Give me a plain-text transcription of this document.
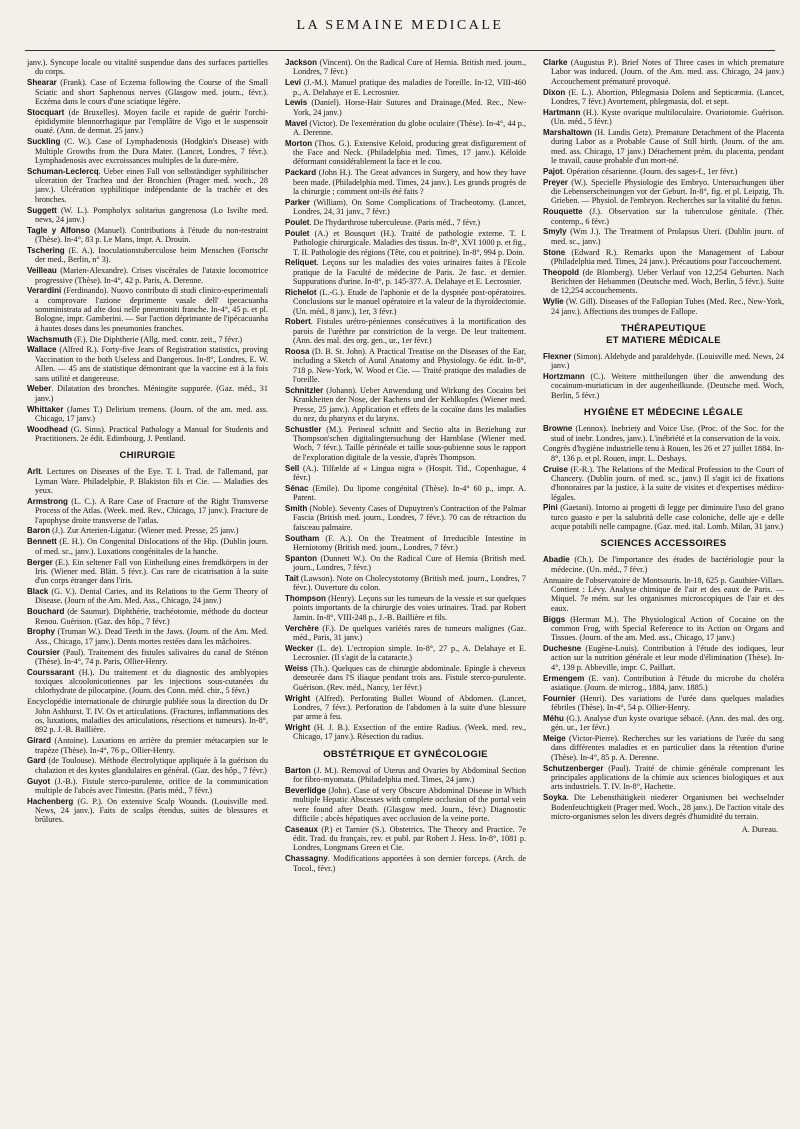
LA SEMAINE MEDICALE
janv.). Syncope locale ou vitalité suspendue dans des surfaces partielles du corps.
Shearar (Frank). Case of Eczema following the Course of the Small Sciatic and short Saphenous nerves (Glasgow med. journ., févr.). Eczéma dans le cours d'une sciatique légère.
Stocquart (de Bruxelles). Moyen facile et rapide de guérir l'orchi-épididymite blennorrhagique par l'emplâtre de Vigo et le suspensoir ouaté. (Ann. de dermat. 25 janv.)
Suckling (C. W.). Case of Lymphadenosis (Hodgkin's Disease) with Multiple Growths from the Dura Mater. (Lancet, Londres, 7 févr.). Lymphadenosis avec excroissances multiples de la dure-mère.
Schuman-Leclercq. Ueber einen Fall von selbständiger syphilitischer ulceration der Trachea und der Bronchien (Prager med. woch., 28 janv.). Ulcération syphilitique indépendante de la trachée et des bronches.
Suggett (W. L.). Pompholyx solitarius gangrenosa (Lo Isvilte med. news, 24 janv.)
Tagle y Alfonso (Manuel). Contributions à l'étude du non-restraint (Thèse). In-4°, 83 p. Le Mans, impr. A. Drouin.
Tschering (E. A.). Inoculationstuberculose beim Menschen (Fortschr der med., Berlin, n° 3).
Veilleau (Marien-Alexandre). Crises viscérales de l'ataxie locomotrice progressive (Thèse). In-4°, 42 p. Paris, A. Derenne.
Verardini (Ferdinando). Nuovo contributo di studi clinico-esperimentali a comprovare l'azione deprimente vasale dell' ipecacuanha somministrata ad alte dosi nelle pneumoniti franche. In-4°, 45 p. et pl. Bologne, impr. Gamberini. — Sur l'action déprimante de l'ipécacuanha à hautes doses dans les pneumonies franches.
Wachsmuth (F.). Die Diphtherie (Allg. med. contr. zeit., 7 févr.)
Wallace (Alfred R.). Forty-five Jears of Registration statistics, proving Vaccination to the both Useless and Dangerous. In-8°, Londres, E. W. Allen. — 45 ans de statistique démontrant que la vaccine est à la fois sans utilité et dangereuse.
Weber. Dilatation des bronches. Méningite suppurée. (Gaz. méd., 31 janv.)
Whittaker (James T.) Delirium tremens. (Journ. of the am. med. ass. Chicago, 17 janv.)
Woodhead (G. Sims). Practical Pathology a Manual for Students and Practitioners. 2e édit. Edimbourg, J. Pentland.
CHIRURGIE
Arlt. Lectures on Diseases of the Eye. T. I. Trad. de l'allemand, par Lyman Ware. Philadelphie, P. Blakiston fils et Cie. — Maladies des yeux.
Armstrong (L. C.). A Rare Case of Fracture of the Right Transverse Process of the Atlas. (Week. med. Rev., Chicago, 17 janv.). Fracture de l'apophyse droite transverse de l'atlas.
Baron (J.). Zur Arterien-Ligatur. (Wiener med. Presse, 25 janv.)
Bennett (E. H.). On Congenital Dislocations of the Hip. (Dublin journ. of med. sc., janv.). Luxations congénitales de la hanche.
Berger (E.). Ein seltener Fall von Einheilung eines fremdkörpers in der Iris. (Wiener med. Blätt. 5 févr.). Cas rare de cicatrisation à la suite d'un corps étranger dans l'iris.
Black (G. V.). Dental Caries, and its Relations to the Germ Theory of Disease. (Journ of the Am. Med. Ass., Chicago, 24 janv.)
Bouchard (de Saumur). Diphthérie, trachéotomie, méthode du docteur Renou. Guérison. (Gaz. des hôp., 7 févr.)
Brophy (Truman W.). Dead Teeth in the Jaws. (Journ. of the Am. Med. Ass., Chicago, 17 janv.). Dents mortes restées dans les mâchoires.
Coursier (Paul). Traitement des fistules salivaires du canal de Sténon (Thèse). In-4°, 74 p. Paris, Ollier-Henry.
Courssarant (H.). Du traitement et du diagnostic des amblyopies toxiques alcoolonicotiennes par les injections sous-cutanées du chlorhydrate de pilocarpine. (Journ. des Conn. méd. chir., 5 févr.)
Encyclopédie internationale de chirurgie publiée sous la direction du Dr John Ashhurst. T. IV. Os et articulations. (Fractures, inflammations des os, luxations, maladies des articulations, résections et tumeurs). In-8°, 892 p. J.-B. Baillière.
Girard (Antoine). Luxations en arrière du premier métacarpien sur le trapèze (Thèse). In-4°, 76 p., Ollier-Henry.
Gard (de Toulouse). Méthode électrolytique appliquée à la guérison du chalazion et des kystes glandulaires en général. (Gaz. des hôp., 7 févr.)
Guyot (J.-B.). Fistule sterco-purulente, orifice de la communication multiple de l'abcès avec l'intestin. (Paris méd., 7 févr.)
Hachenberg (G. P.). On extensive Scalp Wounds. (Louisville med. News, 24 janv.). Faits de scalps étendus, suites de blessures et brûlures.
Jackson (Vincent). On the Radical Cure of Hernia. British med. journ., Londres, 7 févr.)
Levi (J.-M.). Manuel pratique des maladies de l'oreille. In-12, VIII-460 p., A. Delahaye et E. Lecrosnier.
Lewis (Daniel). Horse-Hair Sutures and Drainage.(Med. Rec., New-York, 24 janv.)
Mavel (Victor). De l'exentération du globe oculaire (Thèse). In-4°, 44 p., A. Derenne.
Morton (Thos. G.). Extensive Keloid, producing great disfigurement of the Face and Neck. (Philadelphia med. Times, 17 janv.). Kéloïde déformant considérablement la face et le cou.
Packard (John H.). The Great advances in Surgery, and how they have been made. (Philadelphia med. Times, 24 janv.). Les grands progrès de la chirurgie ; comment ont-ils été faits ?
Parker (William). On Some Complications of Tracheotomy. (Lancet, Londres, 24, 31 janv., 7 févr.)
Poulet. De l'hydarthrose tuberculeuse. (Paris méd., 7 févr.)
Poulet (A.) et Bousquet (H.). Traité de pathologie externe. T. I. Pathologie chirurgicale. Maladies des tissus. In-8°, XVI 1000 p. et fig., T. II. Pathologie des régions (Tête, cou et poitrine). In-8°, 994 p. Doin.
Reliquet. Leçons sur les maladies des voies urinaires faites à l'Ecole pratique de la Faculté de médecine de Paris. 2e fasc. et dernier. Suppurations d'urine. In-8°, p. 145-377. A. Delahaye et E. Lecrosnier.
Richelot (L.-G.). Etude de l'aphonie et de la dyspnée post-opératoires. Conclusions sur le manuel opératoire et la valeur de la thyroïdectomie. (Un. méd., 8 janv.), 1er, 3 févr.)
Robert. Fistules urétro-péniennes consécutives à la mortification des parois de l'urèthre par constriction de la verge. De leur traitement. (Ann. des mal. des org. gen., ur., 1er févr.)
Roosa (D. B. St. John). A Practical Treatise on the Diseases of the Ear, including a Sketch of Aural Anatomy and Physiology. 6e édit. In-8°, 718 p. New-York, W. Wood et Cie. — Traité pratique des maladies de l'oreille.
Schnitzler (Johann). Ueber Anwendung und Wirkung des Cocains bei Krankheiten der Nose, der Rachens und der Kehlkopfes (Wiener med. Presse, 25 janv.). Application et effets de la cocaïne dans les maladies du nez, du pharynx et du larynx.
Schustler (M.). Perineal schnitt and Sectio alta in Beziehung zur Thompson'schen digitalingtersuchung der Harnblase (Wiener med. Woch, 7 févr.). Taille périnéale et taille sous-pubienne sous le rapport de l'exploration digitale de la vessie, d'après Thompson.
Sell (A.). Tilfælde af « Lingua nigra » (Hospit. Tid., Copenhague, 4 févr.)
Sénac (Emile). Du lipome congénital (Thèse). In-4° 60 p., impr. A. Parent.
Smith (Noble). Seventy Cases of Dupuytren's Contraction of the Palmar Fascia (British med. journ., Londres, 7 févr.). 70 cas de rétraction du faisceau palmaire.
Southam (F. A.). On the Treatment of Irreducible Intestine in Herniotomy (British med. journ., Londres, 7 févr.)
Spanton (Dunnett W.). On the Radical Cure of Hernia (British med. journ., Londres, 7 févr.)
Tait (Lawson). Note on Cholecystotomy (British med. journ., Londres, 7 févr.). Ouverture du colon.
Thompson (Henry). Leçons sur les tumeurs de la vessie et sur quelques points importants de la chirurgie des voies urinaires. Trad. par Robert Jamin. In-8°, VIII-248 p., J.-B. Baillière et fils.
Verchère (F.). De quelques variétés rares de tumeurs malignes (Gaz. méd., Paris, 31 janv.)
Wecker (L. de). L'ectropion simple. In-8°, 27 p., A. Delahaye et E. Lecrosnier. (Il s'agit de la cataracte.)
Weiss (Th.). Quelques cas de chirurgie abdominale. Epingle à cheveux demeurée dans l'S iliaque pendant trois ans. Fistule sterco-purulente. Guérison. (Rev. méd., Nancy, 1er févr.)
Wright (Alfred). Perforating Bullet Wound of Abdomen. (Lancet, Londres, 7 févr.). Perforation de l'abdomen à la suite d'une blessure par arme à feu.
Wright (H. J. B.). Exsection of the entire Radius. (Week. med. rev., Chicago, 17 janv.). Résection du radius.
OBSTÉTRIQUE ET GYNÉCOLOGIE
Barton (J. M.). Removal of Uterus and Ovaries by Abdominal Section for fibro-myomata. (Philadelphia med. Times, 24 janv.)
Beverlidge (John). Case of very Obscure Abdominal Disease in Which multiple Hepatic Abscesses with complete occlusion of the portal vein were found after Death. (Glasgow med. Journ., févr.) Diagnostic difficile ; abcès hépatiques avec occlusion de la veine porte.
Caseaux (P.) et Tarnier (S.). Obstetrics. The Theory and Practice. 7e édit. Trad. du français, rev. et publ. par Robert J. Hess. In-8°, 1081 p. Londres, Longmans Green et Cie.
Chassagny. Modifications apportées à son dernier forceps. (Arch. de Tocol., févr.)
Clarke (Augustus P.). Brief Notes of Three cases in which premature Labor was induced. (Journ. of the Am. med. ass. Chicago, 24 janv.) Accouchement prématuré provoqué.
Dixon (E. L.). Abortion, Phlegmasia Dolens and Septicæmia. (Lancet, Londres, 7 févr.) Avortement, phlegmasia, dol. et sept.
Hartmann (H.). Kyste ovarique multiloculaire. Ovariotomie. Guérison. (Un. méd., 5 févr.)
Marshaltown (H. Landis Getz). Premature Detachment of the Placenta during Labor as a Probable Cause of Still birth. (Journ. of the am. med. ass. Chicago, 17 janv.) Détachement prém. du placenta, pendant le travail, cause probable d'un mort-né.
Pajot. Opération césarienne. (Journ. des sages-f., 1er févr.)
Preyer (W.). Specielle Physiologie des Embryo. Untersuchungen über die Lebenserscheinungen vor der Geburt. In-8°, fig. et pl. Leipzig, Th. Grieben. — Physiol. de l'embryon. Recherches sur la vitalité du fœtus.
Rouquette (J.). Observation sur la tuberculose génitale. (Thér. contemp., 6 févr.)
Smyly (Wm J.). The Treatment of Prolapsus Uteri. (Dublin journ. of med. sc., janv.)
Stone (Edward R.). Remarks upon the Management of Labour (Philadelphia med. Times, 24 janv.). Précautions pour l'accouchement.
Theopold (de Blomberg). Ueber Verlauf von 12,254 Geburten. Nach Berichten der Hebammen (Deutsche med. Woch, Berlin, 5 févr.). Suite de 12,254 accouchements.
Wylie (W. Gill). Diseases of the Fallopian Tubes (Med. Rec., New-York, 24 janv.). Affections des trompes de Fallope.
THÉRAPEUTIQUE
ET MATIERE MÉDICALE
Flexner (Simon). Aldehyde and paraldehyde. (Louisville med. News, 24 janv.)
Hortzmann (C.). Weitere mittheilungen über die anwendung des cocainum-muriaticum in der augenheilkunde. (Deutsche med. Woch, Berlin, 5 févr.)
HYGIÈNE ET MÉDECINE LÉGALE
Browne (Lennox). Inebriety and Voice Use. (Proc. of the Soc. for the stud of inebr. Londres, janv.). L'inébriété et la conservation de la voix.
Congrès d'hygiène industrielle tenu à Rouen, les 26 et 27 juillet 1884. In-8°, 136 p. et pl. Rouen, impr. L. Deshays.
Cruise (F.-R.). The Relations of the Medical Profession to the Court of Chancery. (Dublin journ. of med. sc., janv.) Il s'agit ici de fixations d'honoraires par la justice, à la suite de visites et d'expertises médico-légales.
Pini (Gaetani). Intorno ai progetti di legge per diminuire l'uso del grano turco guasto e per la salubrità delle case coloniche, delle aje e delle acque potabili nelle campagne. (Gaz. med. ital. Lomb. Milan, 31 janv.)
SCIENCES ACCESSOIRES
Abadie (Ch.). De l'importance des études de bactériologie pour la médecine. (Un. méd., 7 févr.)
Annuaire de l'observatoire de Montsouris. In-18, 625 p. Gauthier-Villars. Contient : Lévy. Analyse chimique de l'air et des eaux de Paris. — Miquel. 7e mém. sur les organismes microscopiques de l'air et des eaux.
Biggs (Herman M.). The Physiological Action of Cocaine on the common Frog, with Special Reference to its Action on Organs and Tissues. (Journ. of the am. Med. ass., Chicago, 17 janv.)
Duchesne (Eugène-Louis). Contribution à l'étude des iodiques, leur action sur la nutrition générale et leur mode d'élimination (Thèse). In-4°, 139 p. Abbeville, impr. C. Paillart.
Ermengem (E. van). Contribution à l'étude du microbe du choléra asiatique. (Journ. de microg., 1884, janv. 1885.)
Fournier (Henri). Des variations de l'urée dans quelques maladies fébriles (Thèse). In-4°, 54 p. Ollier-Henry.
Méhu (G.). Analyse d'un kyste ovarique sébacé. (Ann. des mal. des org. gén. ur., 1er févr.)
Meige (Victor-Pierre). Recherches sur les variations de l'urée du sang dans différentes maladies et en particulier dans la rétention d'urine (Thèse). In-4°, 85 p. A. Derenne.
Schutzenberger (Paul). Traité de chimie générale comprenant les principales applications de la chimie aux sciences biologiques et aux arts industriels. T. IV. In-8°, Hachette.
Soyka. Die Lebensthätigkeit niederer Organismen bei wechselnder Bodenfeuchtigkeit (Prager med. Woch., 28 janv.). De l'action vitale des micro-organismes selon les divers degrés d'humidité du terrain.
A. Dureau.
